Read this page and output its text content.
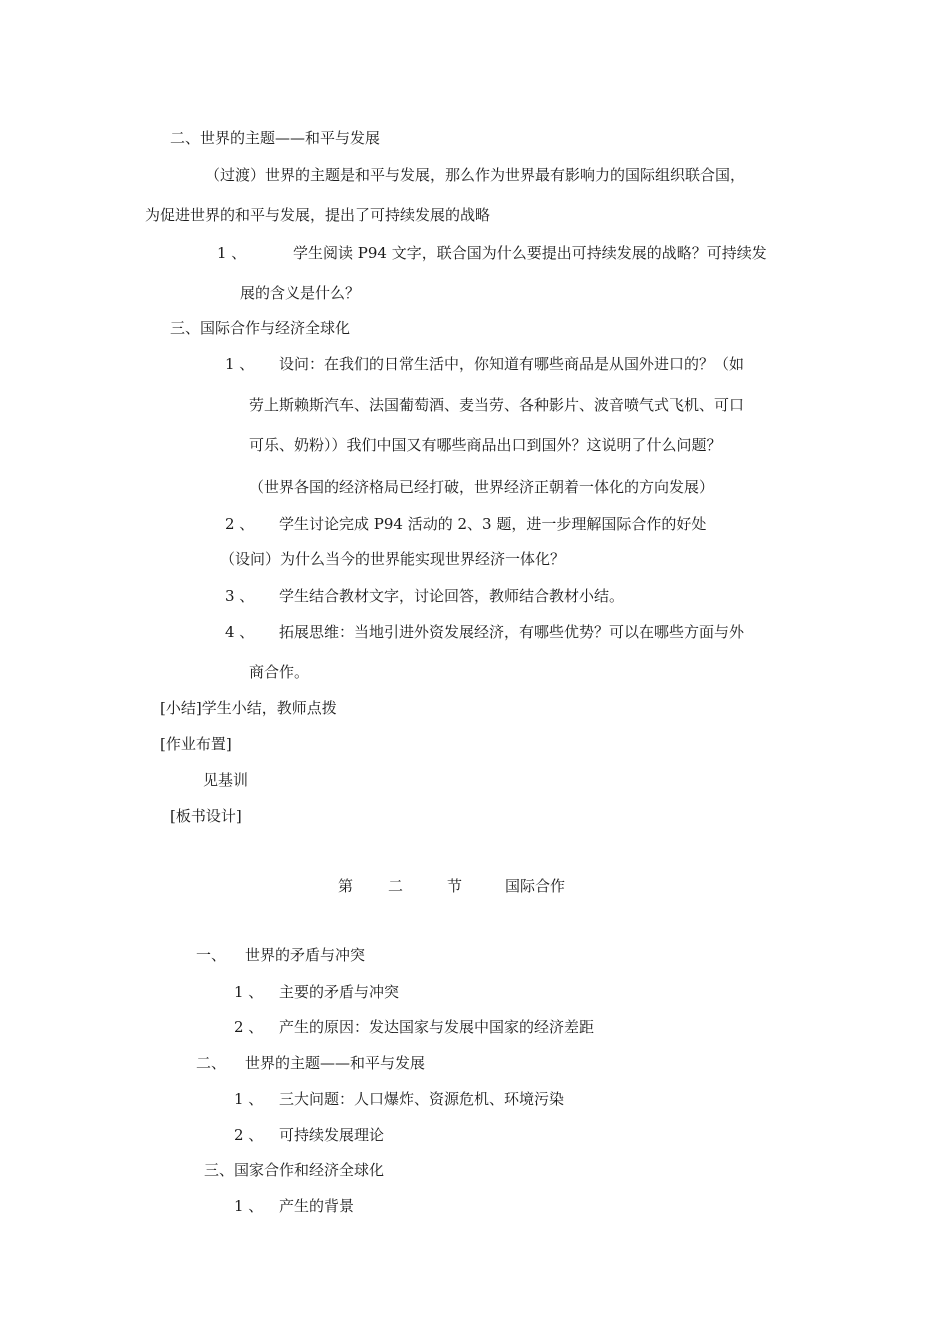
二、世界的主题——和平与发展
（过渡）世界的主题是和平与发展，那么作为世界最有影响力的国际组织联合国，
为促进世界的和平与发展，提出了可持续发展的战略
1 、	学生阅读 P94 文字，联合国为什么要提出可持续发展的战略？可持续发
展的含义是什么？
三、国际合作与经济全球化
1 、 设问：在我们的日常生活中，你知道有哪些商品是从国外进口的？（如
劳上斯赖斯汽车、法国葡萄酒、麦当劳、各种影片、波音喷气式飞机、可口
可乐、奶粉））我们中国又有哪些商品出口到国外？这说明了什么问题？
（世界各国的经济格局已经打破，世界经济正朝着一体化的方向发展）
2 、 学生讨论完成 P94 活动的 2、3 题，进一步理解国际合作的好处
（设问）为什么当今的世界能实现世界经济一体化？
3 、 学生结合教材文字，讨论回答，教师结合教材小结。
4 、 拓展思维：当地引进外资发展经济，有哪些优势？可以在哪些方面与外
商合作。
[小结]学生小结，教师点拨
[作业布置]
见基训
[板书设计]
第 二	节	国际合作
一、 世界的矛盾与冲突
1 、 主要的矛盾与冲突
2 、 产生的原因：发达国家与发展中国家的经济差距
二、 世界的主题——和平与发展
1 、 三大问题：人口爆炸、资源危机、环境污染
2 、 可持续发展理论
三、国家合作和经济全球化
1 、 产生的背景
